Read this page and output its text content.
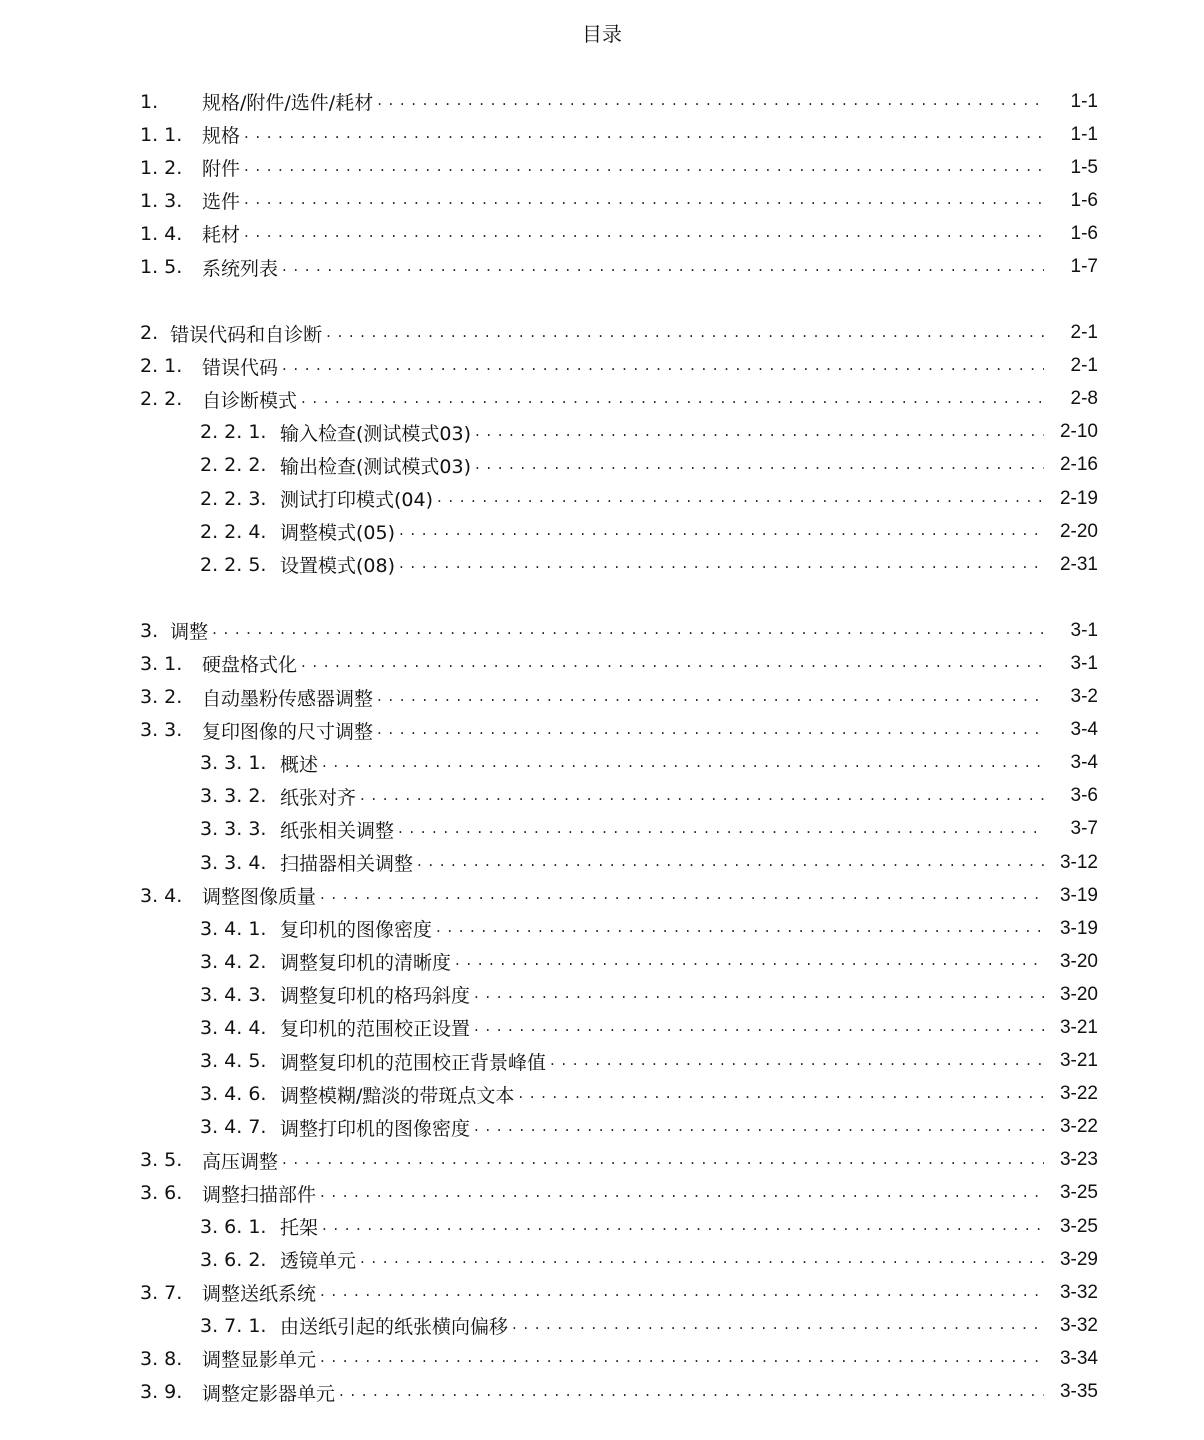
目录
1.	规格/附件/选件/耗材 . . .	1-1
1. 1.	规格 . . .	1-1
1. 2.	附件 . . .	1-5
1. 3.	选件 . . .	1-6
1. 4.	耗材 . . .	1-6
1. 5.	系统列表 . . .	1-7
2. 错误代码和自诊断 . . .	2-1
2. 1.	错误代码 . . .	2-1
2. 2.	自诊断模式 . . .	2-8
2. 2. 1. 输入检查(测试模式03) . . .	2-10
2. 2. 2. 输出检查(测试模式03) . . .	2-16
2. 2. 3. 测试打印模式(04) . . .	2-19
2. 2. 4. 调整模式(05) . . .	2-20
2. 2. 5. 设置模式(08) . . .	2-31
3. 调整 . . .	3-1
3. 1.	硬盘格式化 . . .	3-1
3. 2.	自动墨粉传感器调整 . . .	3-2
3. 3.	复印图像的尺寸调整 . . .	3-4
3. 3. 1. 概述 . . .	3-4
3. 3. 2. 纸张对齐 . . .	3-6
3. 3. 3. 纸张相关调整 . . .	3-7
3. 3. 4. 扫描器相关调整 . . .	3-12
3. 4.	调整图像质量 . . .	3-19
3. 4. 1. 复印机的图像密度 . . .	3-19
3. 4. 2. 调整复印机的清晰度 . . .	3-20
3. 4. 3. 调整复印机的格玛斜度 . . .	3-20
3. 4. 4. 复印机的范围校正设置 . . .	3-21
3. 4. 5. 调整复印机的范围校正背景峰值 . . .	3-21
3. 4. 6. 调整模糊/黯淡的带斑点文本 . . .	3-22
3. 4. 7. 调整打印机的图像密度 . . .	3-22
3. 5.	高压调整 . . .	3-23
3. 6.	调整扫描部件 . . .	3-25
3. 6. 1. 托架 . . .	3-25
3. 6. 2. 透镜单元 . . .	3-29
3. 7.	调整送纸系统 . . .	3-32
3. 7. 1. 由送纸引起的纸张横向偏移 . . .	3-32
3. 8.	调整显影单元 . . .	3-34
3. 9.	调整定影器单元 . . .	3-35
